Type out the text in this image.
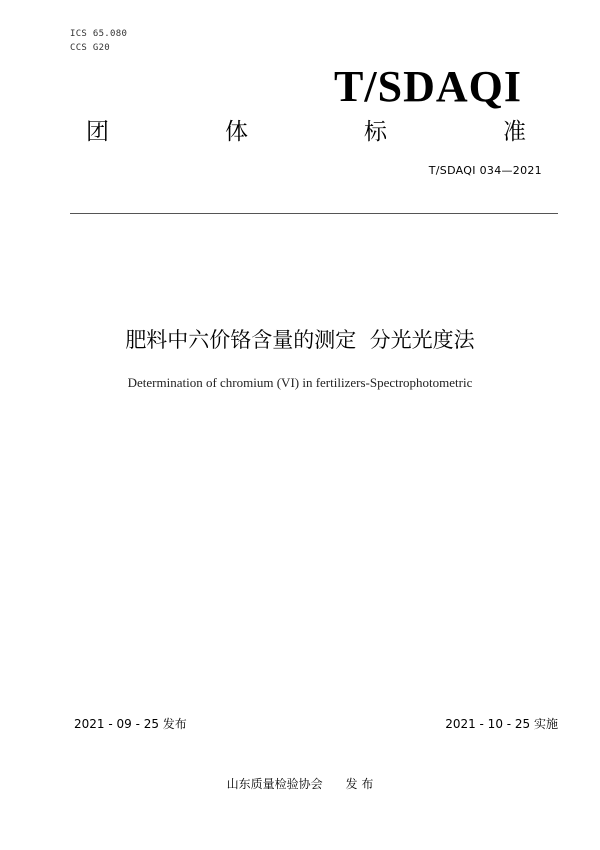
ICS 65.080
CCS G20
T/SDAQI
团	体	标	准
T/SDAQI 034—2021
肥料中六价铬含量的测定  分光光度法
Determination of chromium (VI) in fertilizers-Spectrophotometric
2021 - 09 - 25 发布	2021 - 10 - 25 实施
山东质量检验协会      发 布
